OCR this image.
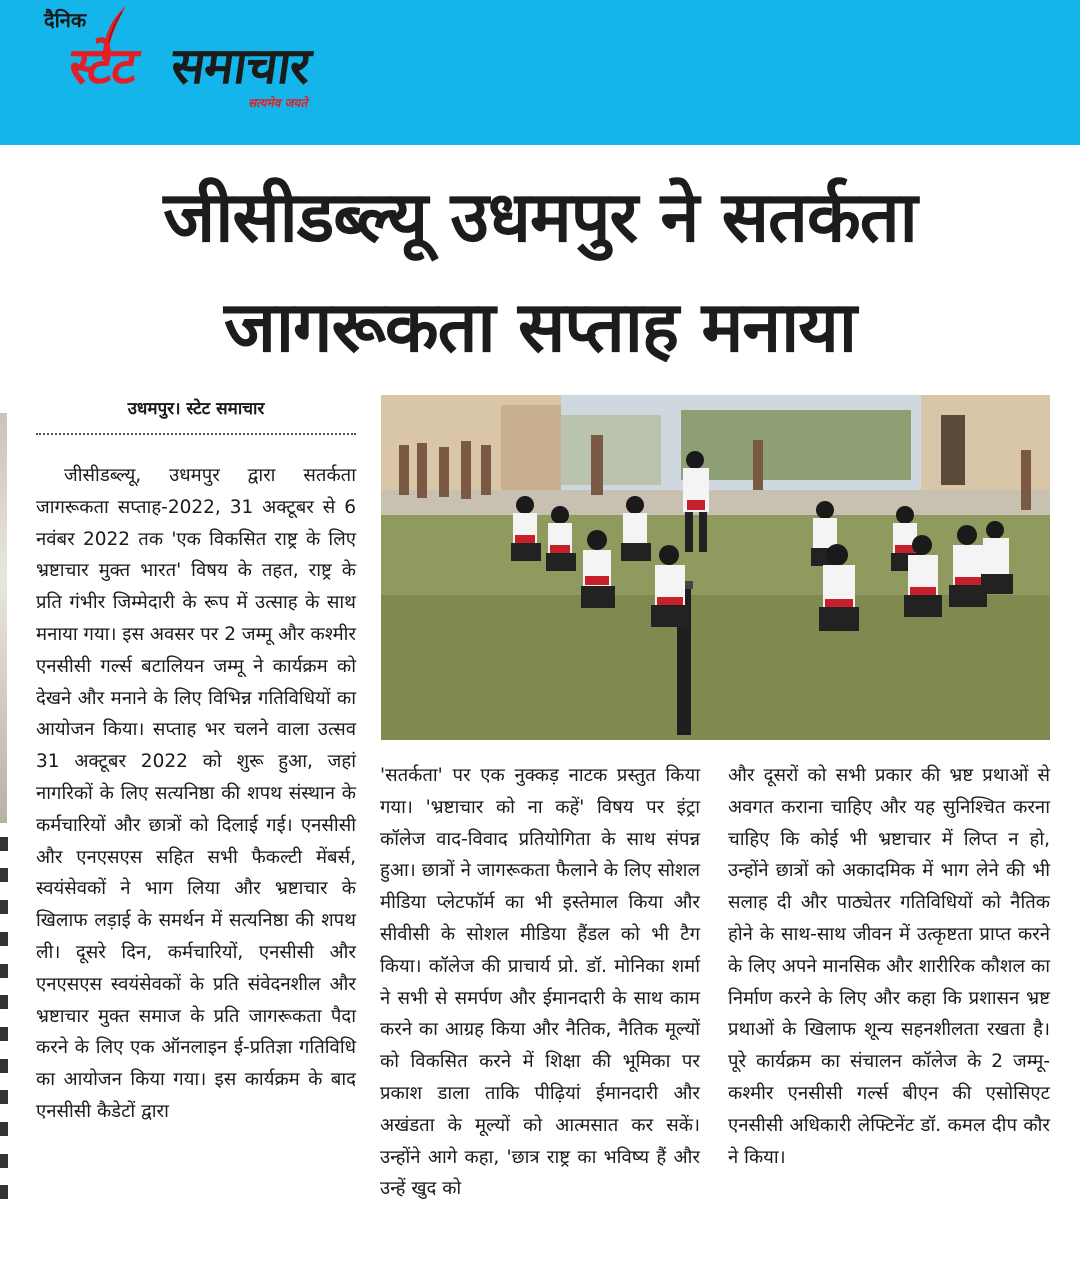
दैनिक
स्टेट समाचार
सत्यमेव जयते
जीसीडब्ल्यू उधमपुर ने सतर्कता
जागरूकता सप्ताह मनाया
उधमपुर। स्टेट समाचार
जीसीडब्ल्यू, उधमपुर द्वारा सतर्कता जागरूकता सप्ताह-2022, 31 अक्टूबर से 6 नवंबर 2022 तक 'एक विकसित राष्ट्र के लिए भ्रष्टाचार मुक्त भारत' विषय के तहत, राष्ट्र के प्रति गंभीर जिम्मेदारी के रूप में उत्साह के साथ मनाया गया। इस अवसर पर 2 जम्मू और कश्मीर एनसीसी गर्ल्स बटालियन जम्मू ने कार्यक्रम को देखने और मनाने के लिए विभिन्न गतिविधियों का आयोजन किया। सप्ताह भर चलने वाला उत्सव 31 अक्टूबर 2022 को शुरू हुआ, जहां नागरिकों के लिए सत्यनिष्ठा की शपथ संस्थान के कर्मचारियों और छात्रों को दिलाई गई। एनसीसी और एनएसएस सहित सभी फैकल्टी मेंबर्स, स्वयंसेवकों ने भाग लिया और भ्रष्टाचार के खिलाफ लड़ाई के समर्थन में सत्यनिष्ठा की शपथ ली। दूसरे दिन, कर्मचारियों, एनसीसी और एनएसएस स्वयंसेवकों के प्रति संवेदनशील और भ्रष्टाचार मुक्त समाज के प्रति जागरूकता पैदा करने के लिए एक ऑनलाइन ई-प्रतिज्ञा गतिविधि का आयोजन किया गया। इस कार्यक्रम के बाद एनसीसी कैडेटों द्वारा
'सतर्कता' पर एक नुक्कड़ नाटक प्रस्तुत किया गया। 'भ्रष्टाचार को ना कहें' विषय पर इंट्रा कॉलेज वाद-विवाद प्रतियोगिता के साथ संपन्न हुआ। छात्रों ने जागरूकता फैलाने के लिए सोशल मीडिया प्लेटफॉर्म का भी इस्तेमाल किया और सीवीसी के सोशल मीडिया हैंडल को भी टैग किया। कॉलेज की प्राचार्य प्रो. डॉ. मोनिका शर्मा ने सभी से समर्पण और ईमानदारी के साथ काम करने का आग्रह किया और नैतिक, नैतिक मूल्यों को विकसित करने में शिक्षा की भूमिका पर प्रकाश डाला ताकि पीढ़ियां ईमानदारी और अखंडता के मूल्यों को आत्मसात कर सकें। उन्होंने आगे कहा, 'छात्र राष्ट्र का भविष्य हैं और उन्हें खुद को
और दूसरों को सभी प्रकार की भ्रष्ट प्रथाओं से अवगत कराना चाहिए और यह सुनिश्चित करना चाहिए कि कोई भी भ्रष्टाचार में लिप्त न हो, उन्होंने छात्रों को अकादमिक में भाग लेने की भी सलाह दी और पाठ्येतर गतिविधियों को नैतिक होने के साथ-साथ जीवन में उत्कृष्टता प्राप्त करने के लिए अपने मानसिक और शारीरिक कौशल का निर्माण करने के लिए और कहा कि प्रशासन भ्रष्ट प्रथाओं के खिलाफ शून्य सहनशीलता रखता है। पूरे कार्यक्रम का संचालन कॉलेज के 2 जम्मू-कश्मीर एनसीसी गर्ल्स बीएन की एसोसिएट एनसीसी अधिकारी लेफ्टिनेंट डॉ. कमल दीप कौर ने किया।
